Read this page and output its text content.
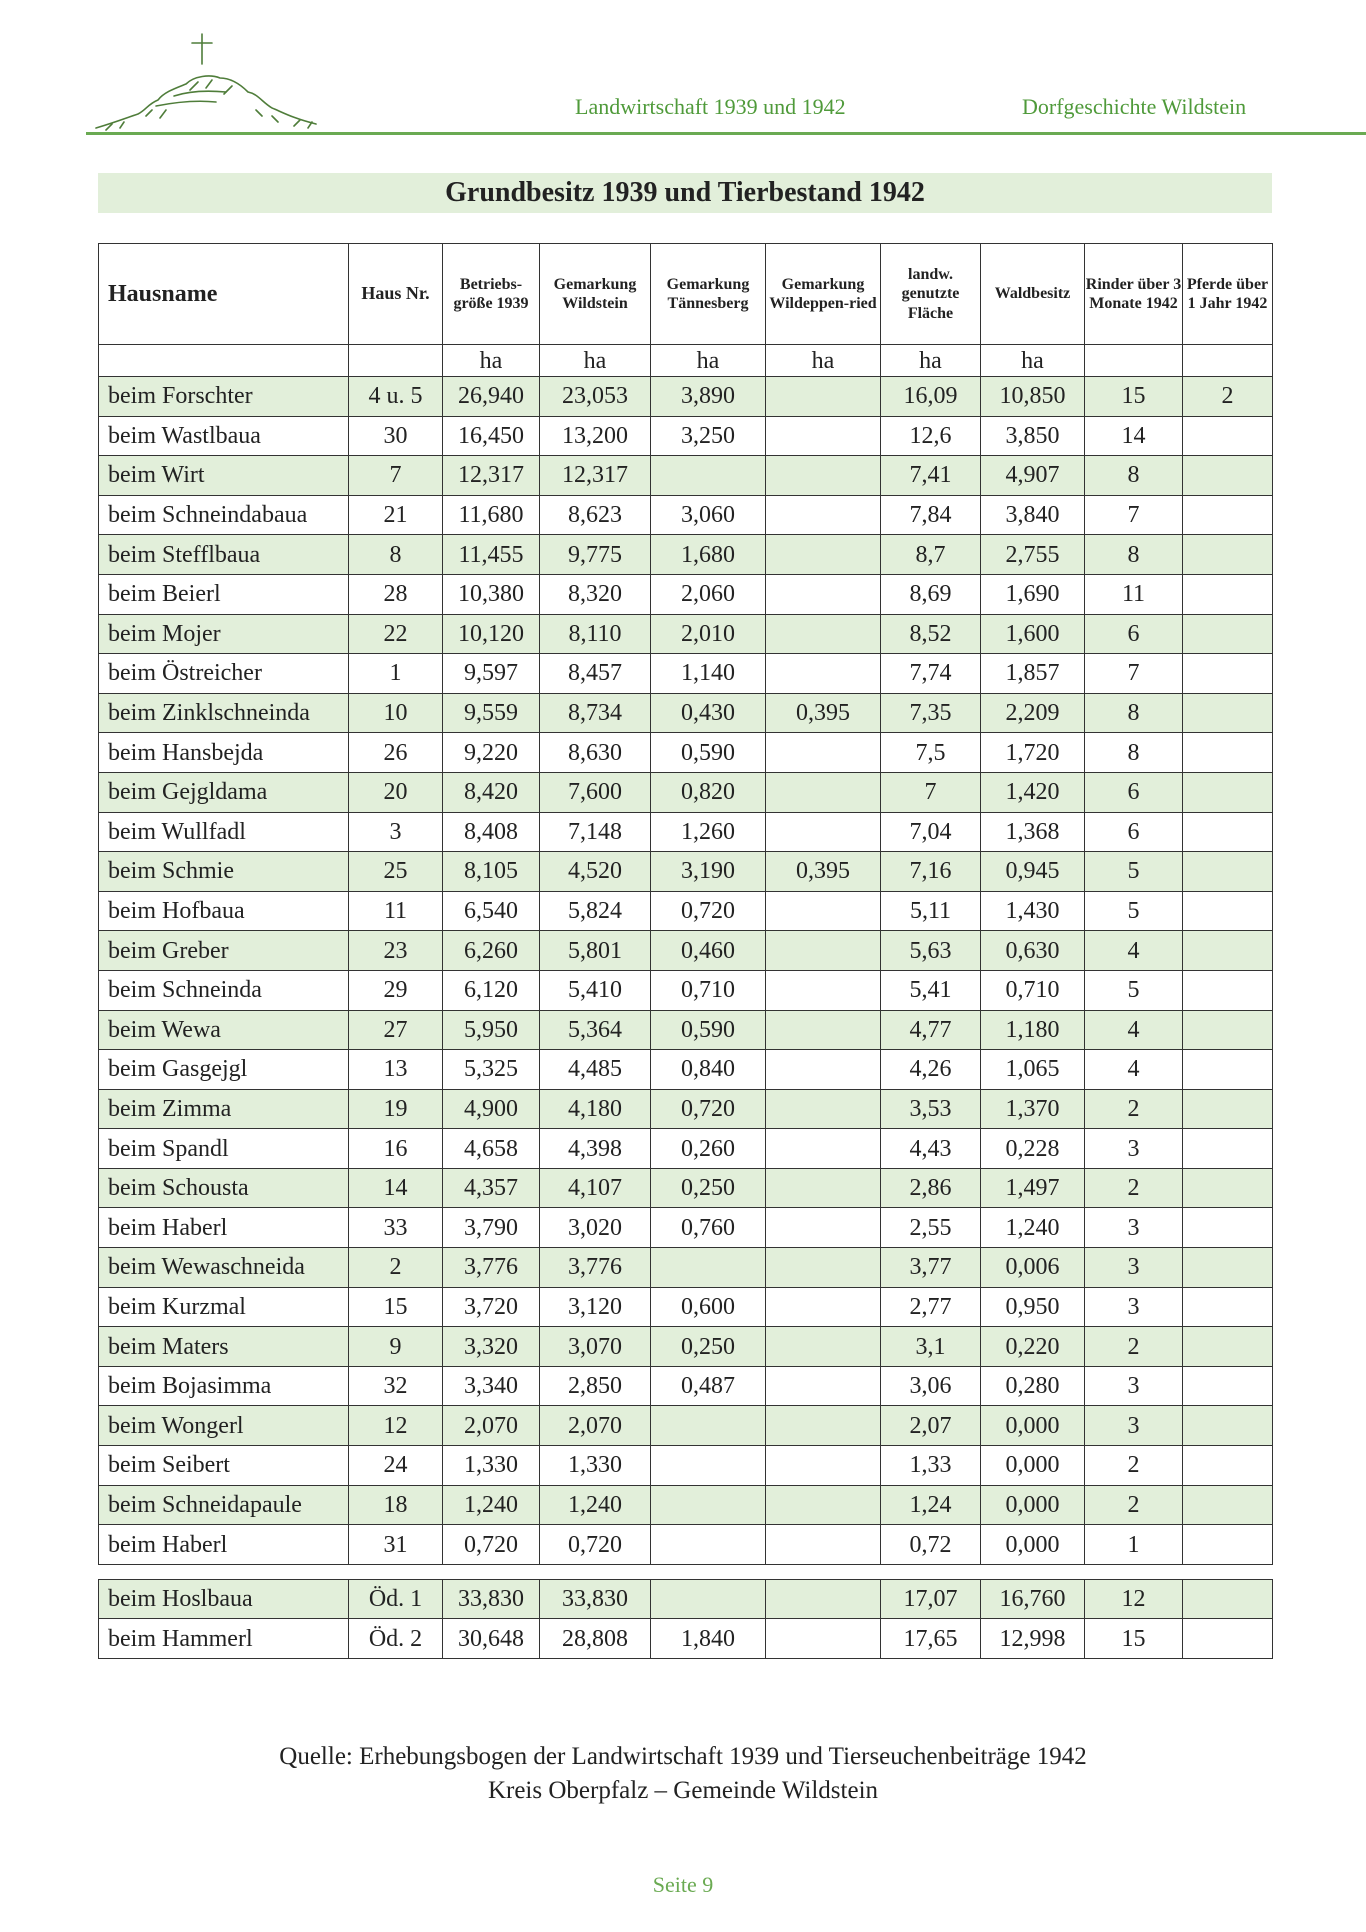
Landwirtschaft 1939 und 1942	Dorfgeschichte Wildstein
Grundbesitz 1939 und Tierbestand 1942
Hausname	Haus Nr.	Betriebs-größe 1939	Gemarkung Wildstein	Gemarkung Tännesberg	Gemarkung Wildeppen-ried	landw. genutzte Fläche	Waldbesitz	Rinder über 3 Monate 1942	Pferde über 1 Jahr 1942
		ha	ha	ha	ha	ha	ha		
beim Forschter	4 u. 5	26,940	23,053	3,890		16,09	10,850	15	2
beim Wastlbaua	30	16,450	13,200	3,250		12,6	3,850	14	
beim Wirt	7	12,317	12,317			7,41	4,907	8	
beim Schneindabaua	21	11,680	8,623	3,060		7,84	3,840	7	
beim Stefflbaua	8	11,455	9,775	1,680		8,7	2,755	8	
beim Beierl	28	10,380	8,320	2,060		8,69	1,690	11	
beim Mojer	22	10,120	8,110	2,010		8,52	1,600	6	
beim Östreicher	1	9,597	8,457	1,140		7,74	1,857	7	
beim Zinklschneinda	10	9,559	8,734	0,430	0,395	7,35	2,209	8	
beim Hansbejda	26	9,220	8,630	0,590		7,5	1,720	8	
beim Gejgldama	20	8,420	7,600	0,820		7	1,420	6	
beim Wullfadl	3	8,408	7,148	1,260		7,04	1,368	6	
beim Schmie	25	8,105	4,520	3,190	0,395	7,16	0,945	5	
beim Hofbaua	11	6,540	5,824	0,720		5,11	1,430	5	
beim Greber	23	6,260	5,801	0,460		5,63	0,630	4	
beim Schneinda	29	6,120	5,410	0,710		5,41	0,710	5	
beim Wewa	27	5,950	5,364	0,590		4,77	1,180	4	
beim Gasgejgl	13	5,325	4,485	0,840		4,26	1,065	4	
beim Zimma	19	4,900	4,180	0,720		3,53	1,370	2	
beim Spandl	16	4,658	4,398	0,260		4,43	0,228	3	
beim Schousta	14	4,357	4,107	0,250		2,86	1,497	2	
beim Haberl	33	3,790	3,020	0,760		2,55	1,240	3	
beim Wewaschneida	2	3,776	3,776			3,77	0,006	3	
beim Kurzmal	15	3,720	3,120	0,600		2,77	0,950	3	
beim Maters	9	3,320	3,070	0,250		3,1	0,220	2	
beim Bojasimma	32	3,340	2,850	0,487		3,06	0,280	3	
beim Wongerl	12	2,070	2,070			2,07	0,000	3	
beim Seibert	24	1,330	1,330			1,33	0,000	2	
beim Schneidapaule	18	1,240	1,240			1,24	0,000	2	
beim Haberl	31	0,720	0,720			0,72	0,000	1	

beim Hoslbaua	Öd. 1	33,830	33,830			17,07	16,760	12	
beim Hammerl	Öd. 2	30,648	28,808	1,840		17,65	12,998	15	
Quelle: Erhebungsbogen der Landwirtschaft 1939 und Tierseuchenbeiträge 1942
Kreis Oberpfalz – Gemeinde Wildstein
Seite 9
